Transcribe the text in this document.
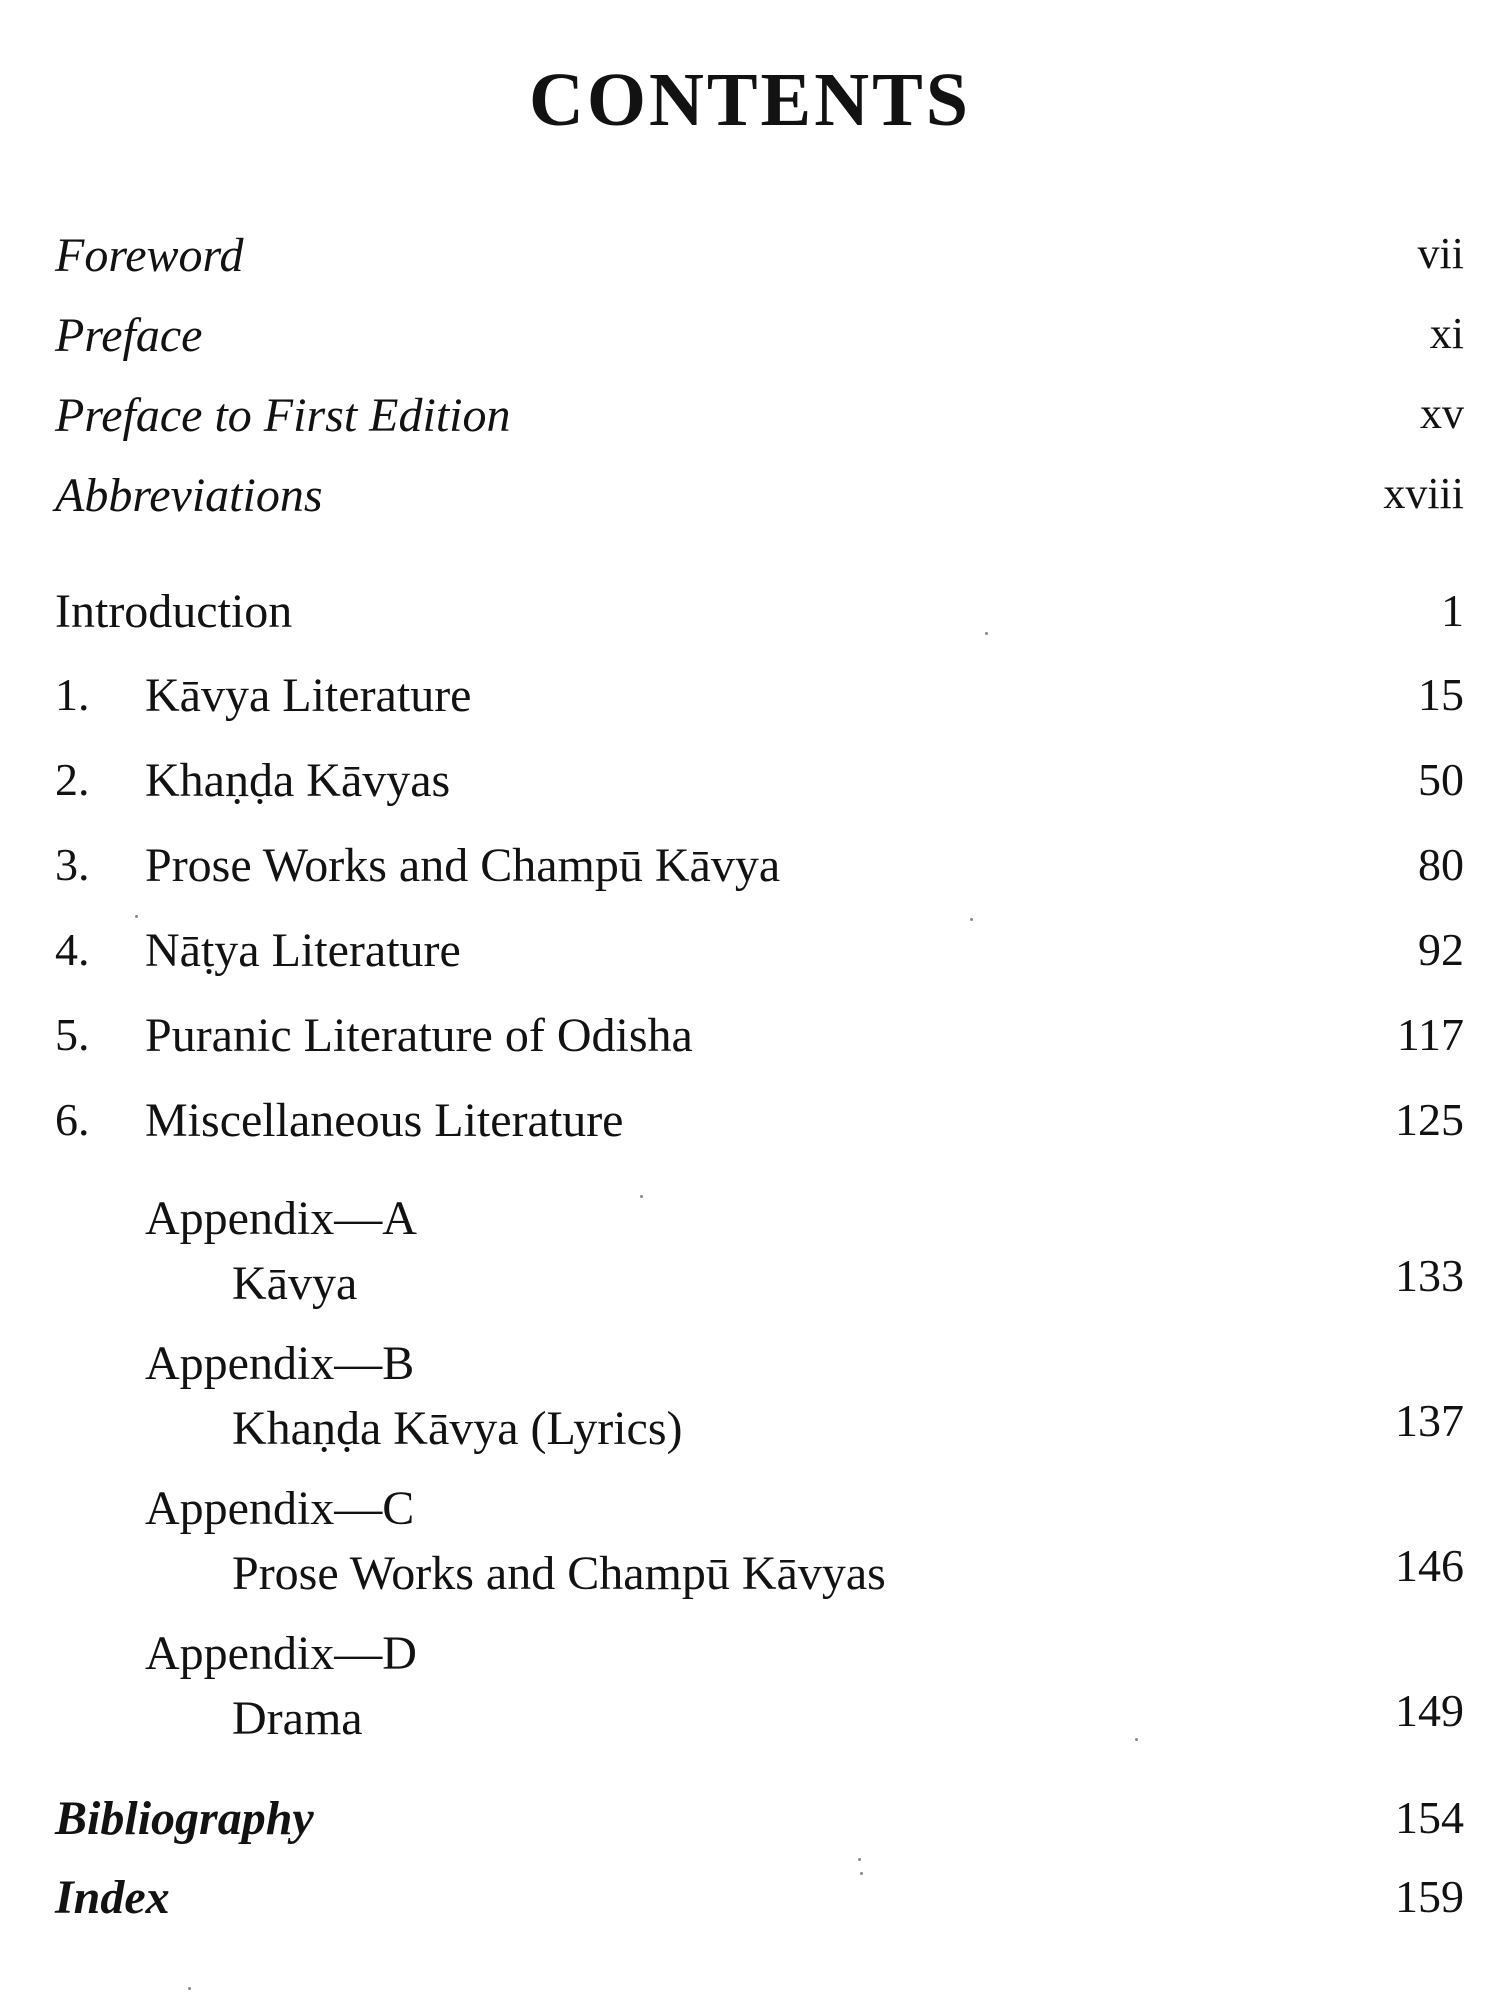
CONTENTS
Foreword	vii
Preface	xi
Preface to First Edition	xv
Abbreviations	xviii
Introduction	1
1. Kāvya Literature	15
2. Khaṇḍa Kāvyas	50
3. Prose Works and Champū Kāvya	80
4. Nāṭya Literature	92
5. Puranic Literature of Odisha	117
6. Miscellaneous Literature	125
Appendix—A
Kāvya	133
Appendix—B
Khaṇḍa Kāvya (Lyrics)	137
Appendix—C
Prose Works and Champū Kāvyas	146
Appendix—D
Drama	149
Bibliography	154
Index	159
